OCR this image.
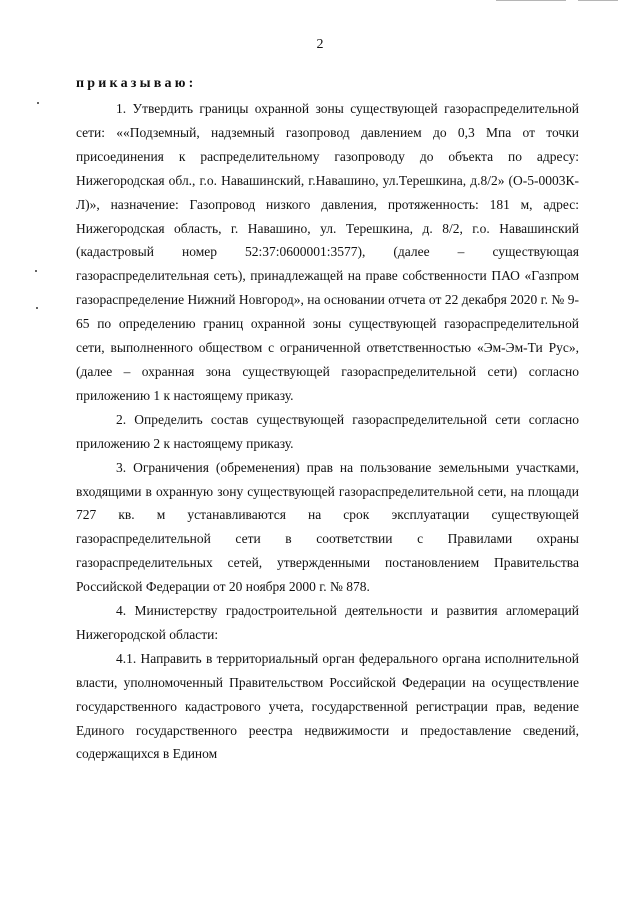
2
приказываю:

1. Утвердить границы охранной зоны существующей газораспределительной сети: ««Подземный, надземный газопровод давлением до 0,3 Мпа от точки присоединения к распределительному газопроводу до объекта по адресу: Нижегородская обл., г.о. Навашинский, г.Навашино, ул.Терешкина, д.8/2» (О-5-0003К-Л)», назначение: Газопровод низкого давления, протяженность: 181 м, адрес: Нижегородская область, г. Навашино, ул. Терешкина, д. 8/2, г.о. Навашинский (кадастровый номер 52:37:0600001:3577), (далее – существующая газораспределительная сеть), принадлежащей на праве собственности ПАО «Газпром газораспределение Нижний Новгород», на основании отчета от 22 декабря 2020 г. № 9-65 по определению границ охранной зоны существующей газораспределительной сети, выполненного обществом с ограниченной ответственностью «Эм-Эм-Ти Рус», (далее – охранная зона существующей газораспределительной сети) согласно приложению 1 к настоящему приказу.

2. Определить состав существующей газораспределительной сети согласно приложению 2 к настоящему приказу.

3. Ограничения (обременения) прав на пользование земельными участками, входящими в охранную зону существующей газораспределительной сети, на площади 727 кв. м устанавливаются на срок эксплуатации существующей газораспределительной сети в соответствии с Правилами охраны газораспределительных сетей, утвержденными постановлением Правительства Российской Федерации от 20 ноября 2000 г. № 878.

4. Министерству градостроительной деятельности и развития агломераций Нижегородской области:

4.1. Направить в территориальный орган федерального органа исполнительной власти, уполномоченный Правительством Российской Федерации на осуществление государственного кадастрового учета, государственной регистрации прав, ведение Единого государственного реестра недвижимости и предоставление сведений, содержащихся в Едином
